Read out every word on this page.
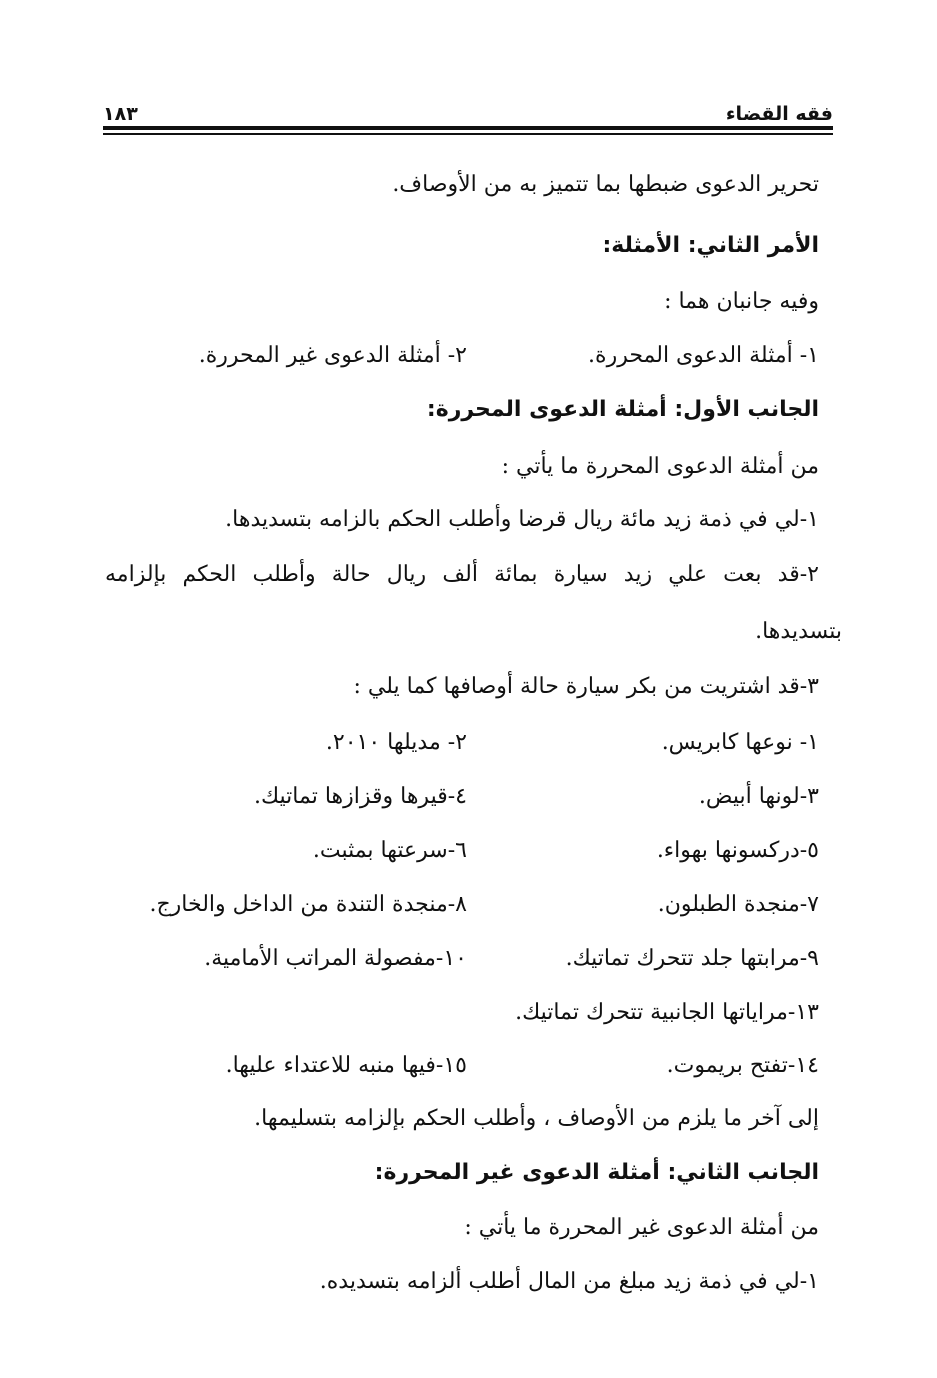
فقه القضاء
١٨٣
تحرير الدعوى ضبطها بما تتميز به من الأوصاف.
الأمر الثاني: الأمثلة:
وفيه جانبان هما :
١- أمثلة الدعوى المحررة.
٢- أمثلة الدعوى غير المحررة.
الجانب الأول: أمثلة الدعوى المحررة:
من أمثلة الدعوى المحررة ما يأتي :
١-لي في ذمة زيد مائة ريال قرضا وأطلب الحكم بالزامه بتسديدها.
٢-قد بعت علي زيد سيارة بمائة ألف ريال حالة وأطلب الحكم بإلزامه
بتسديدها.
٣-قد اشتريت من بكر سيارة حالة أوصافها كما يلي :
١- نوعها كابريس.
٢- مديلها ٢٠١٠.
٣-لونها أبيض.
٤-قيرها وقزازها تماتيك.
٥-دركسونها بهواء.
٦-سرعتها بمثبت.
٧-منجدة الطبلون.
٨-منجدة التندة من الداخل والخارج.
٩-مرابتها جلد تتحرك تماتيك.
١٠-مفصولة المراتب الأمامية.
١٣-مراياتها الجانبية تتحرك تماتيك.
١٤-تفتح بريموت.
١٥-فيها منبه للاعتداء عليها.
إلى آخر ما يلزم من الأوصاف ، وأطلب الحكم بإلزامه بتسليمها.
الجانب الثاني: أمثلة الدعوى غير المحررة:
من أمثلة الدعوى غير المحررة ما يأتي :
١-لي في ذمة زيد مبلغ من المال أطلب ألزامه بتسديده.
